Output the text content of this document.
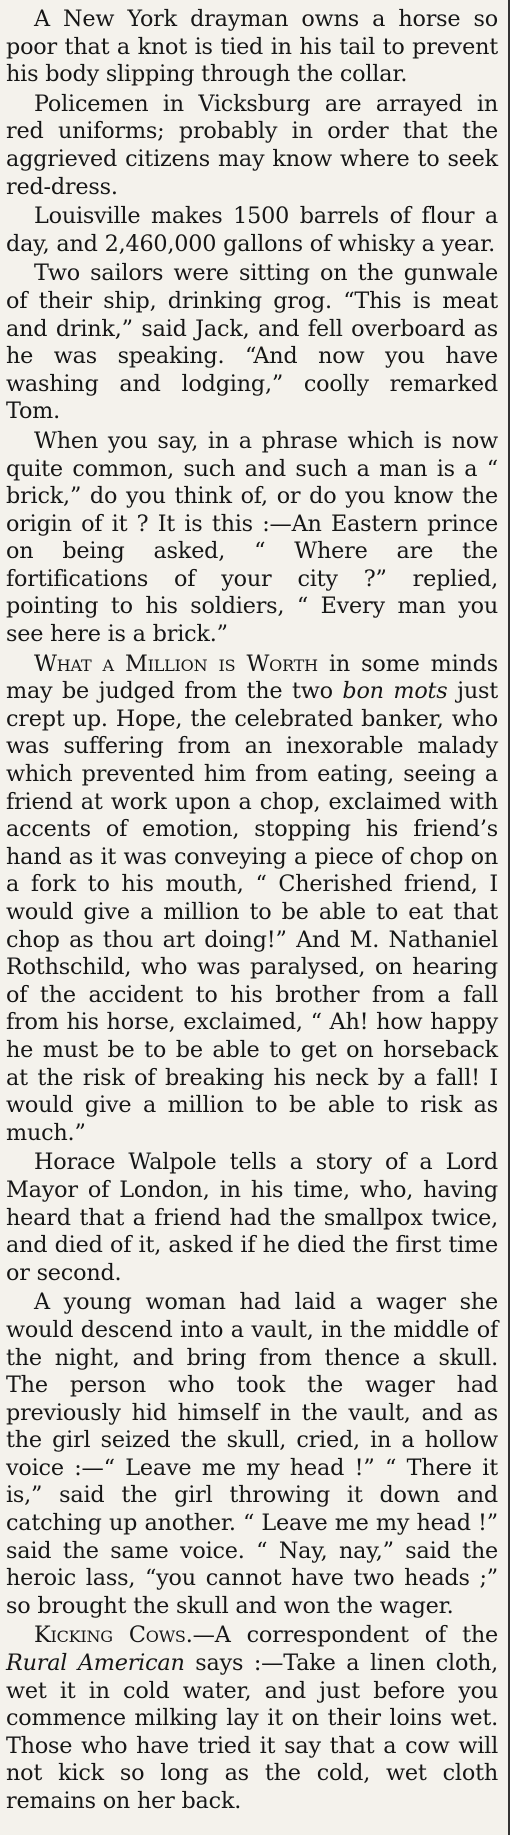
A New York drayman owns a horse so poor that a knot is tied in his tail to prevent his body slipping through the collar.

Policemen in Vicksburg are arrayed in red uniforms; probably in order that the aggrieved citizens may know where to seek red-dress.

Louisville makes 1500 barrels of flour a day, and 2,460,000 gallons of whisky a year.

Two sailors were sitting on the gunwale of their ship, drinking grog. “This is meat and drink,” said Jack, and fell overboard as he was speaking. “And now you have washing and lodging,” coolly remarked Tom.

When you say, in a phrase which is now quite common, such and such a man is a “ brick,” do you think of, or do you know the origin of it ? It is this :—An Eastern prince on being asked, “ Where are the fortifications of your city ?” replied, pointing to his soldiers, “ Every man you see here is a brick.”

What a Million is Worth in some minds may be judged from the two bon mots just crept up. Hope, the celebrated banker, who was suffering from an inexorable malady which prevented him from eating, seeing a friend at work upon a chop, exclaimed with accents of emotion, stopping his friend’s hand as it was conveying a piece of chop on a fork to his mouth, “ Cherished friend, I would give a million to be able to eat that chop as thou art doing!” And M. Nathaniel Rothschild, who was paralysed, on hearing of the accident to his brother from a fall from his horse, exclaimed, “ Ah! how happy he must be to be able to get on horseback at the risk of breaking his neck by a fall! I would give a million to be able to risk as much.”

Horace Walpole tells a story of a Lord Mayor of London, in his time, who, having heard that a friend had the smallpox twice, and died of it, asked if he died the first time or second.

A young woman had laid a wager she would descend into a vault, in the middle of the night, and bring from thence a skull. The person who took the wager had previously hid himself in the vault, and as the girl seized the skull, cried, in a hollow voice :—“ Leave me my head !” “ There it is,” said the girl throwing it down and catching up another. “ Leave me my head !” said the same voice. “ Nay, nay,” said the heroic lass, “you cannot have two heads ;” so brought the skull and won the wager.

Kicking Cows.—A correspondent of the Rural American says :—Take a linen cloth, wet it in cold water, and just before you commence milking lay it on their loins wet. Those who have tried it say that a cow will not kick so long as the cold, wet cloth remains on her back.
